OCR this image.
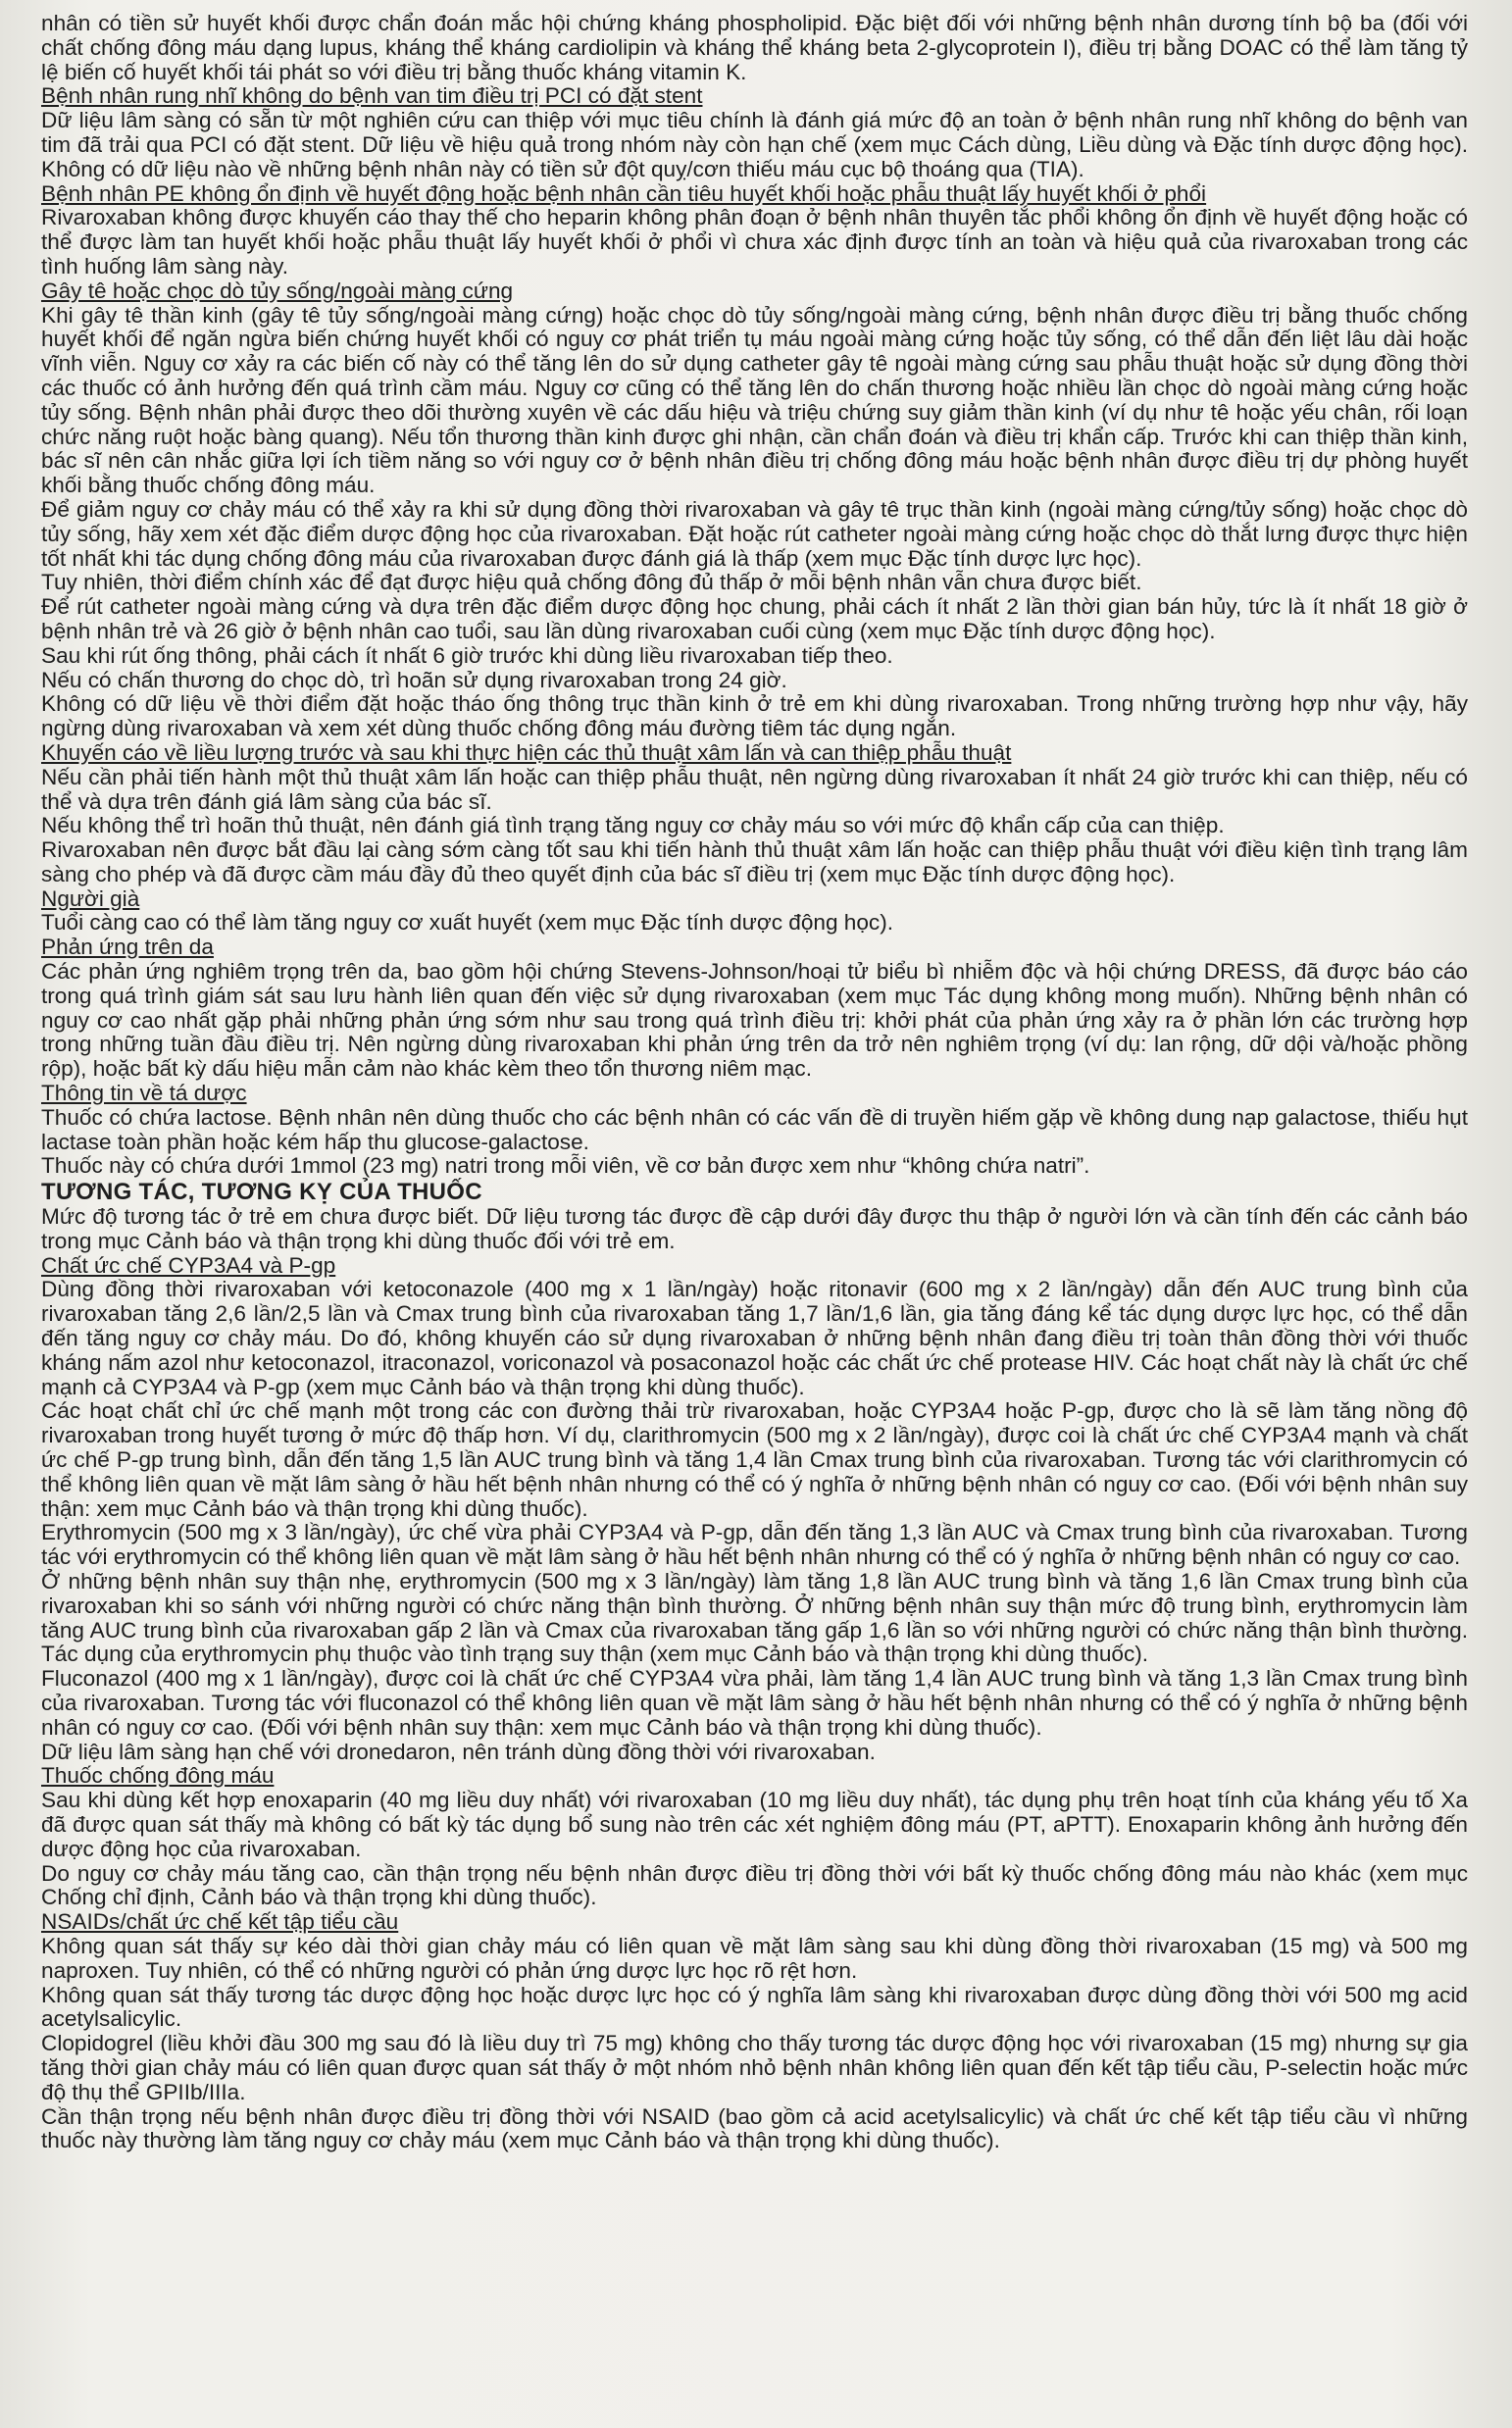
nhân có tiền sử huyết khối được chẩn đoán mắc hội chứng kháng phospholipid. Đặc biệt đối với những bệnh nhân dương tính bộ ba (đối với chất chống đông máu dạng lupus, kháng thể kháng cardiolipin và kháng thể kháng beta 2-glycoprotein I), điều trị bằng DOAC có thể làm tăng tỷ lệ biến cố huyết khối tái phát so với điều trị bằng thuốc kháng vitamin K.

Bệnh nhân rung nhĩ không do bệnh van tim điều trị PCI có đặt stent

Dữ liệu lâm sàng có sẵn từ một nghiên cứu can thiệp với mục tiêu chính là đánh giá mức độ an toàn ở bệnh nhân rung nhĩ không do bệnh van tim đã trải qua PCI có đặt stent. Dữ liệu về hiệu quả trong nhóm này còn hạn chế (xem mục Cách dùng, Liều dùng và Đặc tính dược động học). Không có dữ liệu nào về những bệnh nhân này có tiền sử đột quỵ/cơn thiếu máu cục bộ thoáng qua (TIA).

Bệnh nhân PE không ổn định về huyết động hoặc bệnh nhân cần tiêu huyết khối hoặc phẫu thuật lấy huyết khối ở phổi

Rivaroxaban không được khuyến cáo thay thế cho heparin không phân đoạn ở bệnh nhân thuyên tắc phổi không ổn định về huyết động hoặc có thể được làm tan huyết khối hoặc phẫu thuật lấy huyết khối ở phổi vì chưa xác định được tính an toàn và hiệu quả của rivaroxaban trong các tình huống lâm sàng này.

Gây tê hoặc chọc dò tủy sống/ngoài màng cứng

Khi gây tê thần kinh (gây tê tủy sống/ngoài màng cứng) hoặc chọc dò tủy sống/ngoài màng cứng, bệnh nhân được điều trị bằng thuốc chống huyết khối để ngăn ngừa biến chứng huyết khối có nguy cơ phát triển tụ máu ngoài màng cứng hoặc tủy sống, có thể dẫn đến liệt lâu dài hoặc vĩnh viễn. Nguy cơ xảy ra các biến cố này có thể tăng lên do sử dụng catheter gây tê ngoài màng cứng sau phẫu thuật hoặc sử dụng đồng thời các thuốc có ảnh hưởng đến quá trình cầm máu. Nguy cơ cũng có thể tăng lên do chấn thương hoặc nhiều lần chọc dò ngoài màng cứng hoặc tủy sống. Bệnh nhân phải được theo dõi thường xuyên về các dấu hiệu và triệu chứng suy giảm thần kinh (ví dụ như tê hoặc yếu chân, rối loạn chức năng ruột hoặc bàng quang). Nếu tổn thương thần kinh được ghi nhận, cần chẩn đoán và điều trị khẩn cấp. Trước khi can thiệp thần kinh, bác sĩ nên cân nhắc giữa lợi ích tiềm năng so với nguy cơ ở bệnh nhân điều trị chống đông máu hoặc bệnh nhân được điều trị dự phòng huyết khối bằng thuốc chống đông máu.

Để giảm nguy cơ chảy máu có thể xảy ra khi sử dụng đồng thời rivaroxaban và gây tê trục thần kinh (ngoài màng cứng/tủy sống) hoặc chọc dò tủy sống, hãy xem xét đặc điểm dược động học của rivaroxaban. Đặt hoặc rút catheter ngoài màng cứng hoặc chọc dò thắt lưng được thực hiện tốt nhất khi tác dụng chống đông máu của rivaroxaban được đánh giá là thấp (xem mục Đặc tính dược lực học).

Tuy nhiên, thời điểm chính xác để đạt được hiệu quả chống đông đủ thấp ở mỗi bệnh nhân vẫn chưa được biết.

Để rút catheter ngoài màng cứng và dựa trên đặc điểm dược động học chung, phải cách ít nhất 2 lần thời gian bán hủy, tức là ít nhất 18 giờ ở bệnh nhân trẻ và 26 giờ ở bệnh nhân cao tuổi, sau lần dùng rivaroxaban cuối cùng (xem mục Đặc tính dược động học).

Sau khi rút ống thông, phải cách ít nhất 6 giờ trước khi dùng liều rivaroxaban tiếp theo.

Nếu có chấn thương do chọc dò, trì hoãn sử dụng rivaroxaban trong 24 giờ.

Không có dữ liệu về thời điểm đặt hoặc tháo ống thông trục thần kinh ở trẻ em khi dùng rivaroxaban. Trong những trường hợp như vậy, hãy ngừng dùng rivaroxaban và xem xét dùng thuốc chống đông máu đường tiêm tác dụng ngắn.

Khuyến cáo về liều lượng trước và sau khi thực hiện các thủ thuật xâm lấn và can thiệp phẫu thuật

Nếu cần phải tiến hành một thủ thuật xâm lấn hoặc can thiệp phẫu thuật, nên ngừng dùng rivaroxaban ít nhất 24 giờ trước khi can thiệp, nếu có thể và dựa trên đánh giá lâm sàng của bác sĩ.

Nếu không thể trì hoãn thủ thuật, nên đánh giá tình trạng tăng nguy cơ chảy máu so với mức độ khẩn cấp của can thiệp.

Rivaroxaban nên được bắt đầu lại càng sớm càng tốt sau khi tiến hành thủ thuật xâm lấn hoặc can thiệp phẫu thuật với điều kiện tình trạng lâm sàng cho phép và đã được cầm máu đầy đủ theo quyết định của bác sĩ điều trị (xem mục Đặc tính dược động học).

Người già

Tuổi càng cao có thể làm tăng nguy cơ xuất huyết (xem mục Đặc tính dược động học).

Phản ứng trên da

Các phản ứng nghiêm trọng trên da, bao gồm hội chứng Stevens-Johnson/hoại tử biểu bì nhiễm độc và hội chứng DRESS, đã được báo cáo trong quá trình giám sát sau lưu hành liên quan đến việc sử dụng rivaroxaban (xem mục Tác dụng không mong muốn). Những bệnh nhân có nguy cơ cao nhất gặp phải những phản ứng sớm như sau trong quá trình điều trị: khởi phát của phản ứng xảy ra ở phần lớn các trường hợp trong những tuần đầu điều trị. Nên ngừng dùng rivaroxaban khi phản ứng trên da trở nên nghiêm trọng (ví dụ: lan rộng, dữ dội và/hoặc phồng rộp), hoặc bất kỳ dấu hiệu mẫn cảm nào khác kèm theo tổn thương niêm mạc.

Thông tin về tá dược

Thuốc có chứa lactose. Bệnh nhân nên dùng thuốc cho các bệnh nhân có các vấn đề di truyền hiếm gặp về không dung nạp galactose, thiếu hụt lactase toàn phần hoặc kém hấp thu glucose-galactose.

Thuốc này có chứa dưới 1mmol (23 mg) natri trong mỗi viên, về cơ bản được xem như “không chứa natri”.

TƯƠNG TÁC, TƯƠNG KỴ CỦA THUỐC

Mức độ tương tác ở trẻ em chưa được biết. Dữ liệu tương tác được đề cập dưới đây được thu thập ở người lớn và cần tính đến các cảnh báo trong mục Cảnh báo và thận trọng khi dùng thuốc đối với trẻ em.

Chất ức chế CYP3A4 và P-gp

Dùng đồng thời rivaroxaban với ketoconazole (400 mg x 1 lần/ngày) hoặc ritonavir (600 mg x 2 lần/ngày) dẫn đến AUC trung bình của rivaroxaban tăng 2,6 lần/2,5 lần và Cmax trung bình của rivaroxaban tăng 1,7 lần/1,6 lần, gia tăng đáng kể tác dụng dược lực học, có thể dẫn đến tăng nguy cơ chảy máu. Do đó, không khuyến cáo sử dụng rivaroxaban ở những bệnh nhân đang điều trị toàn thân đồng thời với thuốc kháng nấm azol như ketoconazol, itraconazol, voriconazol và posaconazol hoặc các chất ức chế protease HIV. Các hoạt chất này là chất ức chế mạnh cả CYP3A4 và P-gp (xem mục Cảnh báo và thận trọng khi dùng thuốc).

Các hoạt chất chỉ ức chế mạnh một trong các con đường thải trừ rivaroxaban, hoặc CYP3A4 hoặc P-gp, được cho là sẽ làm tăng nồng độ rivaroxaban trong huyết tương ở mức độ thấp hơn. Ví dụ, clarithromycin (500 mg x 2 lần/ngày), được coi là chất ức chế CYP3A4 mạnh và chất ức chế P-gp trung bình, dẫn đến tăng 1,5 lần AUC trung bình và tăng 1,4 lần Cmax trung bình của rivaroxaban. Tương tác với clarithromycin có thể không liên quan về mặt lâm sàng ở hầu hết bệnh nhân nhưng có thể có ý nghĩa ở những bệnh nhân có nguy cơ cao. (Đối với bệnh nhân suy thận: xem mục Cảnh báo và thận trọng khi dùng thuốc).

Erythromycin (500 mg x 3 lần/ngày), ức chế vừa phải CYP3A4 và P-gp, dẫn đến tăng 1,3 lần AUC và Cmax trung bình của rivaroxaban. Tương tác với erythromycin có thể không liên quan về mặt lâm sàng ở hầu hết bệnh nhân nhưng có thể có ý nghĩa ở những bệnh nhân có nguy cơ cao.

Ở những bệnh nhân suy thận nhẹ, erythromycin (500 mg x 3 lần/ngày) làm tăng 1,8 lần AUC trung bình và tăng 1,6 lần Cmax trung bình của rivaroxaban khi so sánh với những người có chức năng thận bình thường. Ở những bệnh nhân suy thận mức độ trung bình, erythromycin làm tăng AUC trung bình của rivaroxaban gấp 2 lần và Cmax của rivaroxaban tăng gấp 1,6 lần so với những người có chức năng thận bình thường. Tác dụng của erythromycin phụ thuộc vào tình trạng suy thận (xem mục Cảnh báo và thận trọng khi dùng thuốc).

Fluconazol (400 mg x 1 lần/ngày), được coi là chất ức chế CYP3A4 vừa phải, làm tăng 1,4 lần AUC trung bình và tăng 1,3 lần Cmax trung bình của rivaroxaban. Tương tác với fluconazol có thể không liên quan về mặt lâm sàng ở hầu hết bệnh nhân nhưng có thể có ý nghĩa ở những bệnh nhân có nguy cơ cao. (Đối với bệnh nhân suy thận: xem mục Cảnh báo và thận trọng khi dùng thuốc).

Dữ liệu lâm sàng hạn chế với dronedaron, nên tránh dùng đồng thời với rivaroxaban.

Thuốc chống đông máu

Sau khi dùng kết hợp enoxaparin (40 mg liều duy nhất) với rivaroxaban (10 mg liều duy nhất), tác dụng phụ trên hoạt tính của kháng yếu tố Xa đã được quan sát thấy mà không có bất kỳ tác dụng bổ sung nào trên các xét nghiệm đông máu (PT, aPTT). Enoxaparin không ảnh hưởng đến dược động học của rivaroxaban.

Do nguy cơ chảy máu tăng cao, cần thận trọng nếu bệnh nhân được điều trị đồng thời với bất kỳ thuốc chống đông máu nào khác (xem mục Chống chỉ định, Cảnh báo và thận trọng khi dùng thuốc).

NSAIDs/chất ức chế kết tập tiểu cầu

Không quan sát thấy sự kéo dài thời gian chảy máu có liên quan về mặt lâm sàng sau khi dùng đồng thời rivaroxaban (15 mg) và 500 mg naproxen. Tuy nhiên, có thể có những người có phản ứng dược lực học rõ rệt hơn.

Không quan sát thấy tương tác dược động học hoặc dược lực học có ý nghĩa lâm sàng khi rivaroxaban được dùng đồng thời với 500 mg acid acetylsalicylic.

Clopidogrel (liều khởi đầu 300 mg sau đó là liều duy trì 75 mg) không cho thấy tương tác dược động học với rivaroxaban (15 mg) nhưng sự gia tăng thời gian chảy máu có liên quan được quan sát thấy ở một nhóm nhỏ bệnh nhân không liên quan đến kết tập tiểu cầu, P-selectin hoặc mức độ thụ thể GPIIb/IIIa.

Cần thận trọng nếu bệnh nhân được điều trị đồng thời với NSAID (bao gồm cả acid acetylsalicylic) và chất ức chế kết tập tiểu cầu vì những thuốc này thường làm tăng nguy cơ chảy máu (xem mục Cảnh báo và thận trọng khi dùng thuốc).
